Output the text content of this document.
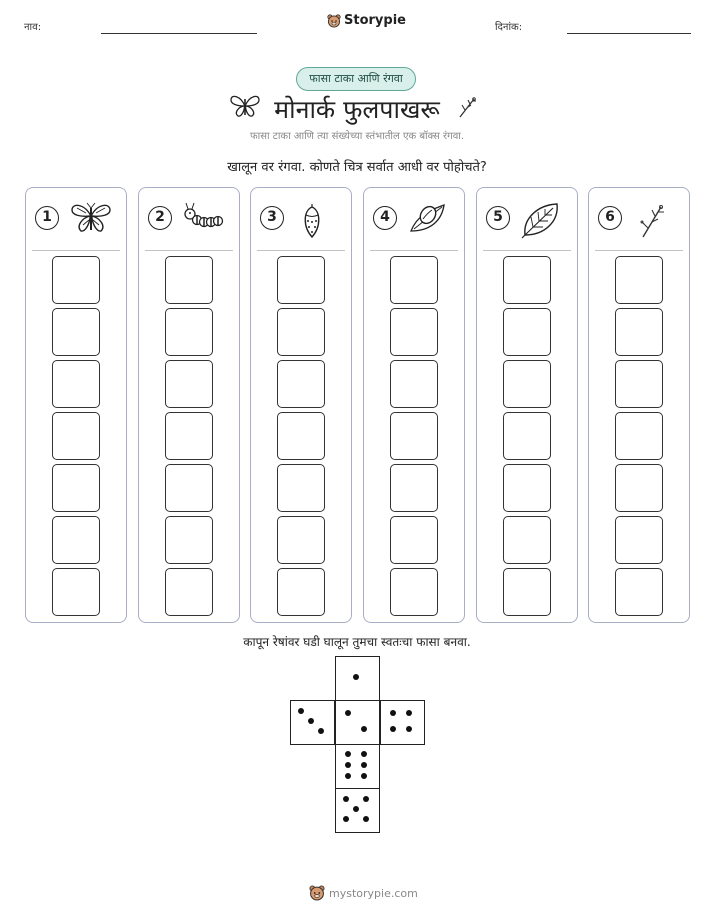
नाव:	Storypie	दिनांक:
फासा टाका आणि रंगवा
मोनार्क फुलपाखरू
फासा टाका आणि त्या संख्येच्या स्तंभातील एक बॉक्स रंगवा.
खालून वर रंगवा. कोणते चित्र सर्वात आधी वर पोहोचते?
1	2	3	4	5	6
कापून रेषांवर घडी घालून तुमचा स्वतःचा फासा बनवा.
mystorypie.com
